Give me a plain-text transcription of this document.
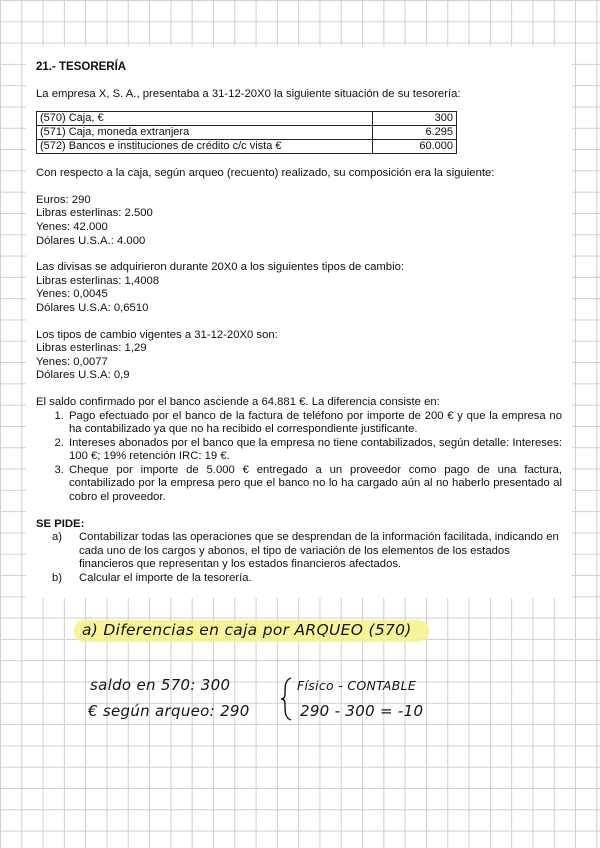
21.- TESORERÍA

La empresa X, S. A., presentaba a 31-12-20X0 la siguiente situación de su tesorería:

(570) Caja, €	300
(571) Caja, moneda extranjera	6.295
(572) Bancos e instituciones de crédito c/c vista €	60.000

Con respecto a la caja, según arqueo (recuento) realizado, su composición era la siguiente:

Euros: 290

Libras esterlinas: 2.500

Yenes: 42.000

Dólares U.S.A.: 4.000

Las divisas se adquirieron durante 20X0 a los siguientes tipos de cambio:

Libras esterlinas: 1,4008

Yenes: 0,0045

Dólares U.S.A: 0,6510

Los tipos de cambio vigentes a 31-12-20X0 son:

Libras esterlinas: 1,29

Yenes: 0,0077

Dólares U.S.A: 0,9

El saldo confirmado por el banco asciende a 64.881 €. La diferencia consiste en:

1. Pago efectuado por el banco de la factura de teléfono por importe de 200 € y que la empresa no ha contabilizado ya que no ha recibido el correspondiente justificante.
2. Intereses abonados por el banco que la empresa no tiene contabilizados, según detalle: Intereses: 100 €; 19% retención IRC: 19 €.
3. Cheque por importe de 5.000 € entregado a un proveedor como pago de una factura, contabilizado por la empresa pero que el banco no lo ha cargado aún al no haberlo presentado al cobro el proveedor.

SE PIDE:

a) Contabilizar todas las operaciones que se desprendan de la información facilitada, indicando en cada uno de los cargos y abonos, el tipo de variación de los elementos de los estados financieros que representan y los estados financieros afectados.
b) Calcular el importe de la tesorería.
a) Diferencias en caja por ARQUEO (570)
saldo en 570: 300
€ según arqueo: 290
Físico - CONTABLE
290 - 300 = -10
